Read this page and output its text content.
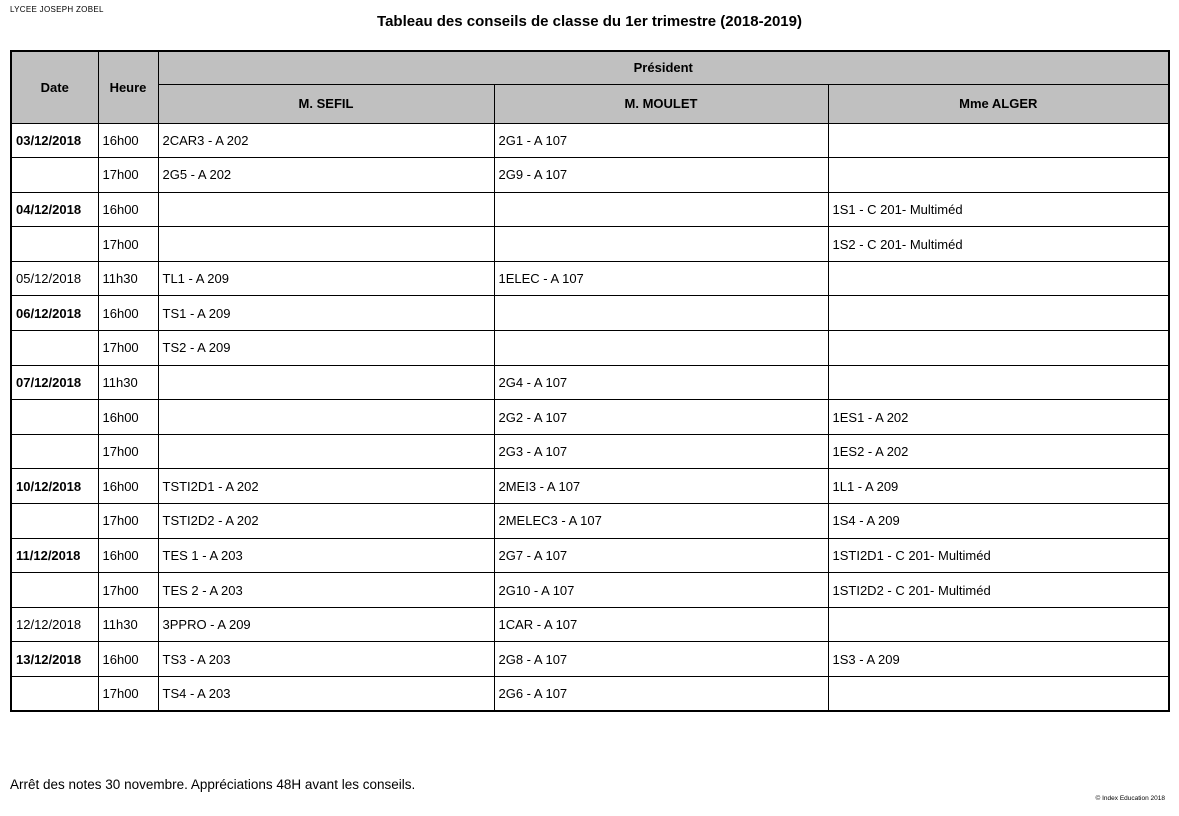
LYCEE JOSEPH ZOBEL
Tableau des conseils de classe du 1er trimestre (2018-2019)
Date	Heure	Président		
		M. SEFIL	M. MOULET	Mme ALGER
03/12/2018	16h00	2CAR3 - A 202	2G1 - A 107	
	17h00	2G5 - A 202	2G9 - A 107	
04/12/2018	16h00			1S1 - C 201- Multiméd
	17h00			1S2 - C 201- Multiméd
05/12/2018	11h30	TL1 - A 209	1ELEC - A 107	
06/12/2018	16h00	TS1 - A 209		
	17h00	TS2 - A 209		
07/12/2018	11h30		2G4 - A 107	
	16h00		2G2 - A 107	1ES1 - A 202
	17h00		2G3 - A 107	1ES2 - A 202
10/12/2018	16h00	TSTI2D1 - A 202	2MEI3 - A 107	1L1 - A 209
	17h00	TSTI2D2 - A 202	2MELEC3 - A 107	1S4 - A 209
11/12/2018	16h00	TES 1 - A 203	2G7 - A 107	1STI2D1 - C 201- Multiméd
	17h00	TES 2 - A 203	2G10 - A 107	1STI2D2 - C 201- Multiméd
12/12/2018	11h30	3PPRO - A 209	1CAR - A 107	
13/12/2018	16h00	TS3 - A 203	2G8 - A 107	1S3 - A 209
	17h00	TS4 - A 203	2G6 - A 107	
Arrêt des notes 30 novembre. Appréciations 48H avant les conseils.
© Index Education 2018
